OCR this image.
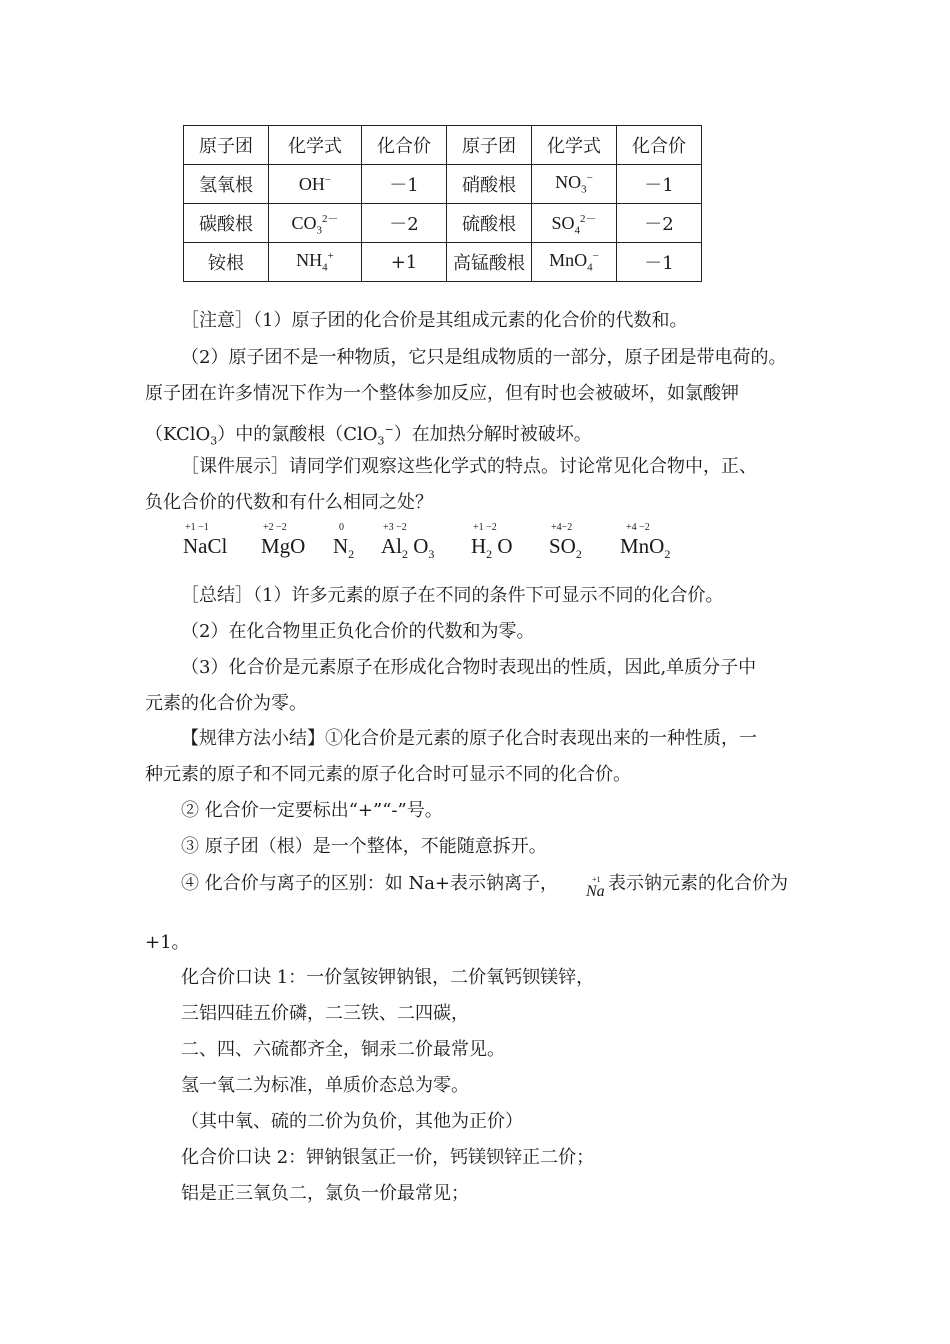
原子团	化学式	化合价	原子团	化学式	化合价
氢氧根	OH−	－1	硝酸根	$NO_3^-$	－1
碳酸根	$CO_3^{2-}$	－2	硫酸根	$SO_4^{2-}$	－2
铵根	$NH_4^+$	+1	高锰酸根	MnO$_4$−	－1
［注意］（1）原子团的化合价是其组成元素的化合价的代数和。
（2）原子团不是一种物质，它只是组成物质的一部分，原子团是带电荷的。
原子团在许多情况下作为一个整体参加反应，但有时也会被破坏，如氯酸钾
（KClO$_3$）中的氯酸根（ClO$_3$−）在加热分解时被破坏。
［课件展示］请同学们观察这些化学式的特点。讨论常见化合物中，正、
负化合价的代数和有什么相同之处？
+1 −1
NaCl
+2 −2
MgO
0
$N_2$
+3 −2
$Al_2$ $O_3$
+1 −2
$H_2$ O
+4−2
$SO_2$
+4 −2
MnO$_2$
［总结］（1）许多元素的原子在不同的条件下可显示不同的化合价。
（2）在化合物里正负化合价的代数和为零。
（3）化合价是元素原子在形成化合物时表现出的性质，因此,单质分子中
元素的化合价为零。
【规律方法小结】①化合价是元素的原子化合时表现出来的一种性质，一
种元素的原子和不同元素的原子化合时可显示不同的化合价。
② 化合价一定要标出“+”“-”号。
③ 原子团（根）是一个整体，不能随意拆开。
④ 化合价与离子的区别：如 Na+表示钠离子，	+1
Na 表示钠元素的化合价为
+1。
化合价口诀 1：一价氢铵钾钠银，二价氧钙钡镁锌，
三铝四硅五价磷，二三铁、二四碳，
二、四、六硫都齐全，铜汞二价最常见。
氢一氧二为标准，单质价态总为零。
（其中氧、硫的二价为负价，其他为正价）
化合价口诀 2：钾钠银氢正一价，钙镁钡锌正二价；
铝是正三氧负二，氯负一价最常见；
